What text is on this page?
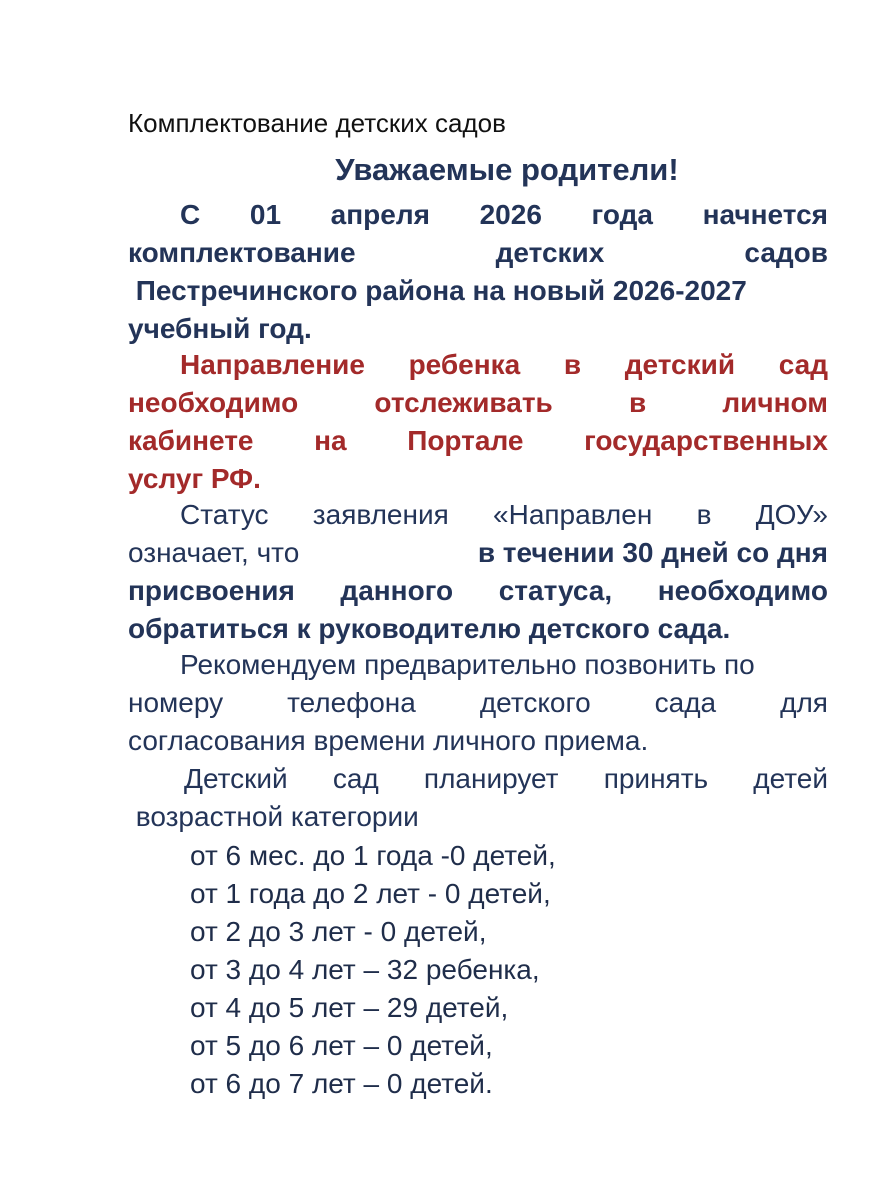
Комплектование детских садов
Уважаемые родители!
С 01 апреля 2026 года начнется
комплектование	детских	садов
Пестречинского района на новый 2026-2027
учебный год.
Направление ребенка в детский сад
необходимо	отслеживать	в	личном
кабинете на Портале государственных
услуг РФ.
Статус заявления «Направлен в ДОУ»
означает, что	в течении 30 дней со дня
присвоения данного статуса, необходимо
обратиться к руководителю детского сада.
Рекомендуем предварительно позвонить по
номеру телефона детского сада для
согласования времени личного приема.
Детский сад планирует принять детей
возрастной категории
от 6 мес. до 1 года -0 детей,
от 1 года до 2 лет - 0 детей,
от 2 до 3 лет - 0 детей,
от 3 до 4 лет – 32 ребенка,
от 4 до 5 лет – 29 детей,
от 5 до 6 лет – 0 детей,
от 6 до 7 лет – 0 детей.
